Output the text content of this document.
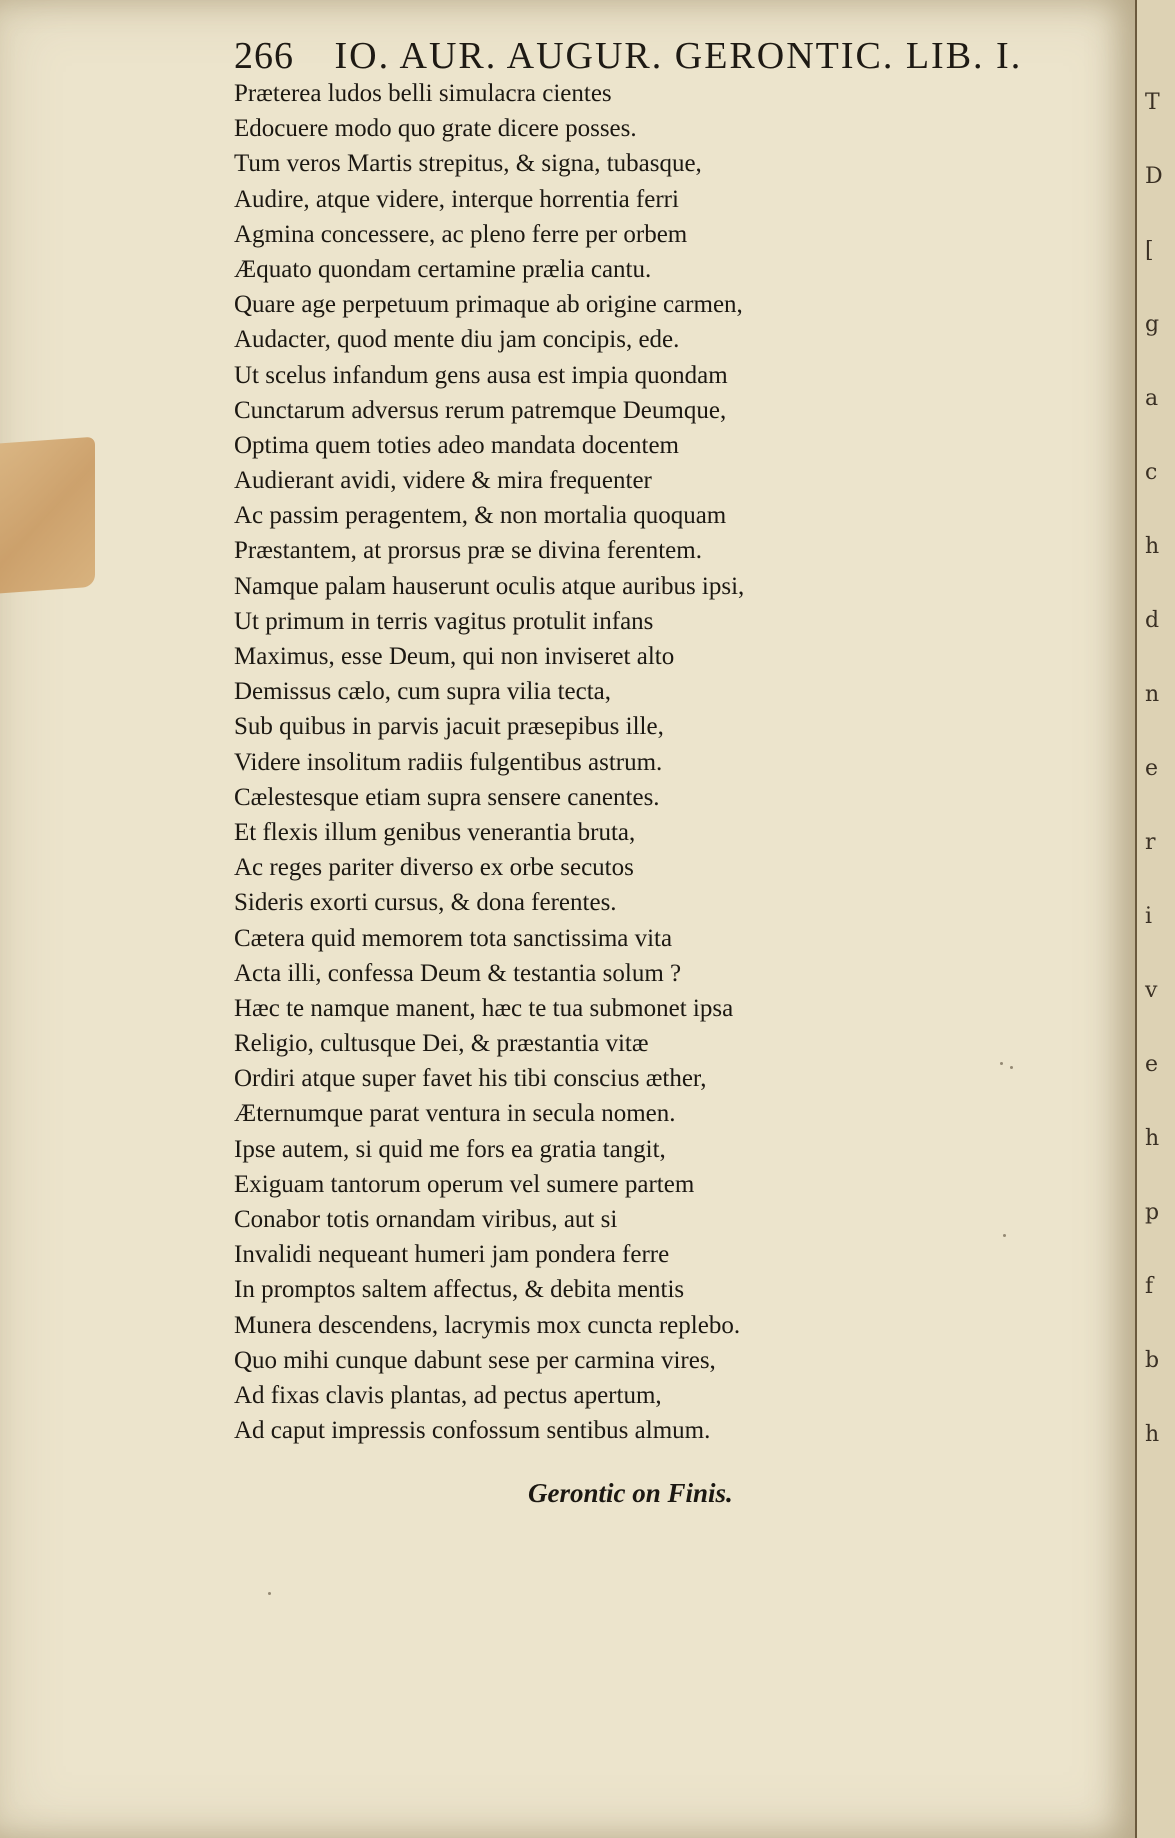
266 IO. AUR. AUGUR. GERONTIC. LIB. I.
Præterea ludos belli simulacra cientes
Edocuere modo quo grate dicere posses.
Tum veros Martis strepitus, & signa, tubasque,
Audire, atque videre, interque horrentia ferri
Agmina concessere, ac pleno ferre per orbem
Æquato quondam certamine prælia cantu.
Quare age perpetuum primaque ab origine carmen,
Audacter, quod mente diu jam concipis, ede.
Ut scelus infandum gens ausa est impia quondam
Cunctarum adversus rerum patremque Deumque,
Optima quem toties adeo mandata docentem
Audierant avidi, videre & mira frequenter
Ac passim peragentem, & non mortalia quoquam
Præstantem, at prorsus præ se divina ferentem.
Namque palam hauserunt oculis atque auribus ipsi,
Ut primum in terris vagitus protulit infans
Maximus, esse Deum, qui non inviseret alto
Demissus cælo, cum supra vilia tecta,
Sub quibus in parvis jacuit præsepibus ille,
Videre insolitum radiis fulgentibus astrum.
Cælestesque etiam supra sensere canentes.
Et flexis illum genibus venerantia bruta,
Ac reges pariter diverso ex orbe secutos
Sideris exorti cursus, & dona ferentes.
Cætera quid memorem tota sanctissima vita
Acta illi, confessa Deum & testantia solum ?
Hæc te namque manent, hæc te tua submonet ipsa
Religio, cultusque Dei, & præstantia vitæ
Ordiri atque super favet his tibi conscius æther,
Æternumque parat ventura in secula nomen.
Ipse autem, si quid me fors ea gratia tangit,
Exiguam tantorum operum vel sumere partem
Conabor totis ornandam viribus, aut si
Invalidi nequeant humeri jam pondera ferre
In promptos saltem affectus, & debita mentis
Munera descendens, lacrymis mox cuncta replebo.
Quo mihi cunque dabunt sese per carmina vires,
Ad fixas clavis plantas, ad pectus apertum,
Ad caput impressis confossum sentibus almum.
Gerontic on Finis.
T
D
[
g
a
c
h
d
n
e
r
i
v
e
h
p
f
b
h
